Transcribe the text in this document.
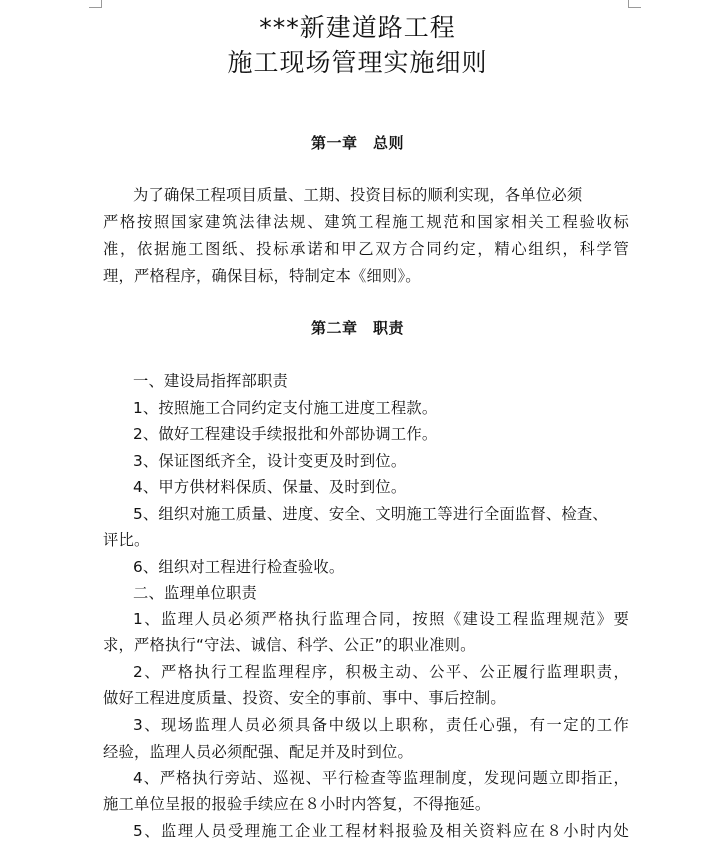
***新建道路工程
施工现场管理实施细则
第一章　总则
为了确保工程项目质量、工期、投资目标的顺利实现，各单位必须
严格按照国家建筑法律法规、建筑工程施工规范和国家相关工程验收标
准，依据施工图纸、投标承诺和甲乙双方合同约定，精心组织，科学管
理，严格程序，确保目标，特制定本《细则》。
第二章　职责
一、建设局指挥部职责
1、按照施工合同约定支付施工进度工程款。
2、做好工程建设手续报批和外部协调工作。
3、保证图纸齐全，设计变更及时到位。
4、甲方供材料保质、保量、及时到位。
5、组织对施工质量、进度、安全、文明施工等进行全面监督、检查、
评比。
6、组织对工程进行检查验收。
二、监理单位职责
1、监理人员必须严格执行监理合同，按照《建设工程监理规范》要
求，严格执行“守法、诚信、科学、公正”的职业准则。
2、严格执行工程监理程序，积极主动、公平、公正履行监理职责，
做好工程进度质量、投资、安全的事前、事中、事后控制。
3、现场监理人员必须具备中级以上职称，责任心强，有一定的工作
经验，监理人员必须配强、配足并及时到位。
4、严格执行旁站、巡视、平行检查等监理制度，发现问题立即指正，
施工单位呈报的报验手续应在８小时内答复，不得拖延。
5、监理人员受理施工企业工程材料报验及相关资料应在８小时内处
